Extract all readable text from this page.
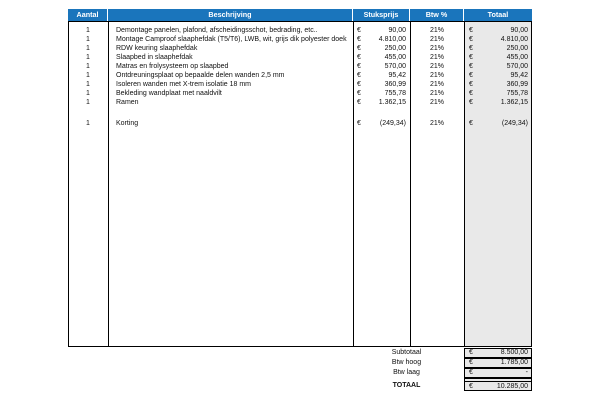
Aantal	Beschrijving	Stuksprijs	Btw %	Totaal
1	Demontage panelen, plafond, afscheidingsschot, bedrading, etc..	€	90,00	21%	€	90,00
1	Montage Camproof slaaphefdak (T5/T6), LWB, wit, grijs dik polyester doek	€	4.810,00	21%	€	4.810,00
1	RDW keuring slaaphefdak	€	250,00	21%	€	250,00
1	Slaapbed in slaaphefdak	€	455,00	21%	€	455,00
1	Matras en frolysysteem op slaapbed	€	570,00	21%	€	570,00
1	Ontdreuningsplaat op bepaalde delen wanden 2,5 mm	€	95,42	21%	€	95,42
1	Isoleren wanden met X-trem isolatie 18 mm	€	360,99	21%	€	360,99
1	Bekleding wandplaat met naaldvilt	€	755,78	21%	€	755,78
1	Ramen	€	1.362,15	21%	€	1.362,15
1	Korting	€	(249,34)	21%	€	(249,34)
Subtotaal	€	8.500,00
Btw hoog	€	1.785,00
Btw laag	€	-
TOTAAL	€	10.285,00
